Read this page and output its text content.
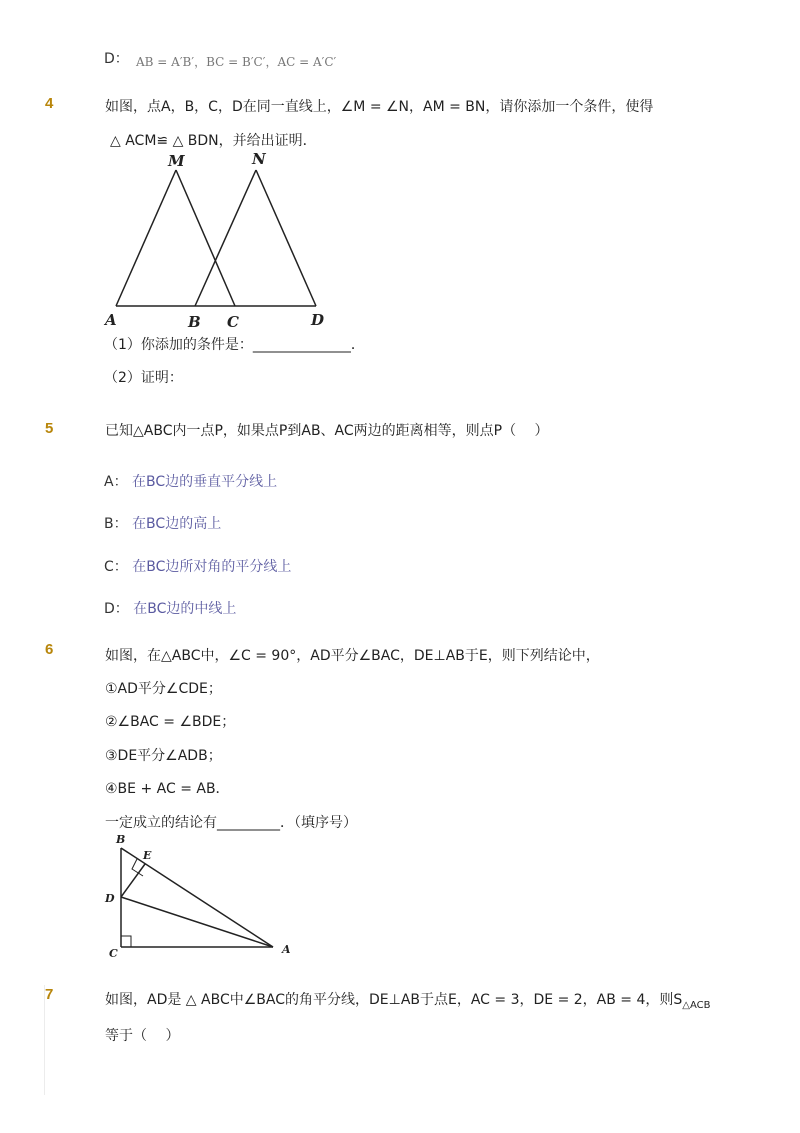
D： AB = A′B′，BC = B′C′，AC = A′C′
4	如图，点A，B，C，D在同一直线上，∠M = ∠N，AM = BN，请你添加一个条件，使得
△ ACM≌ △ BDN，并给出证明．
M	N
A	B C	D
（1）你添加的条件是：______________．
（2）证明：
5	已知△ABC内一点P，如果点P到AB、AC两边的距离相等，则点P（　 ）
A： 在BC边的垂直平分线上
B： 在BC边的高上
C： 在BC边所对角的平分线上
D： 在BC边的中线上
6	如图，在△ABC中，∠C = 90°，AD平分∠BAC，DE⊥AB于E，则下列结论中，
①AD平分∠CDE；
②∠BAC = ∠BDE；
③DE平分∠ADB；
④BE + AC = AB．
一定成立的结论有_________．（填序号）
B
E
D
C	A
7	如图，AD是 △ ABC中∠BAC的角平分线，DE⊥AB于点E，AC = 3，DE = 2，AB = 4，则$S_{\triangle ACB}$
等于（　 ）
